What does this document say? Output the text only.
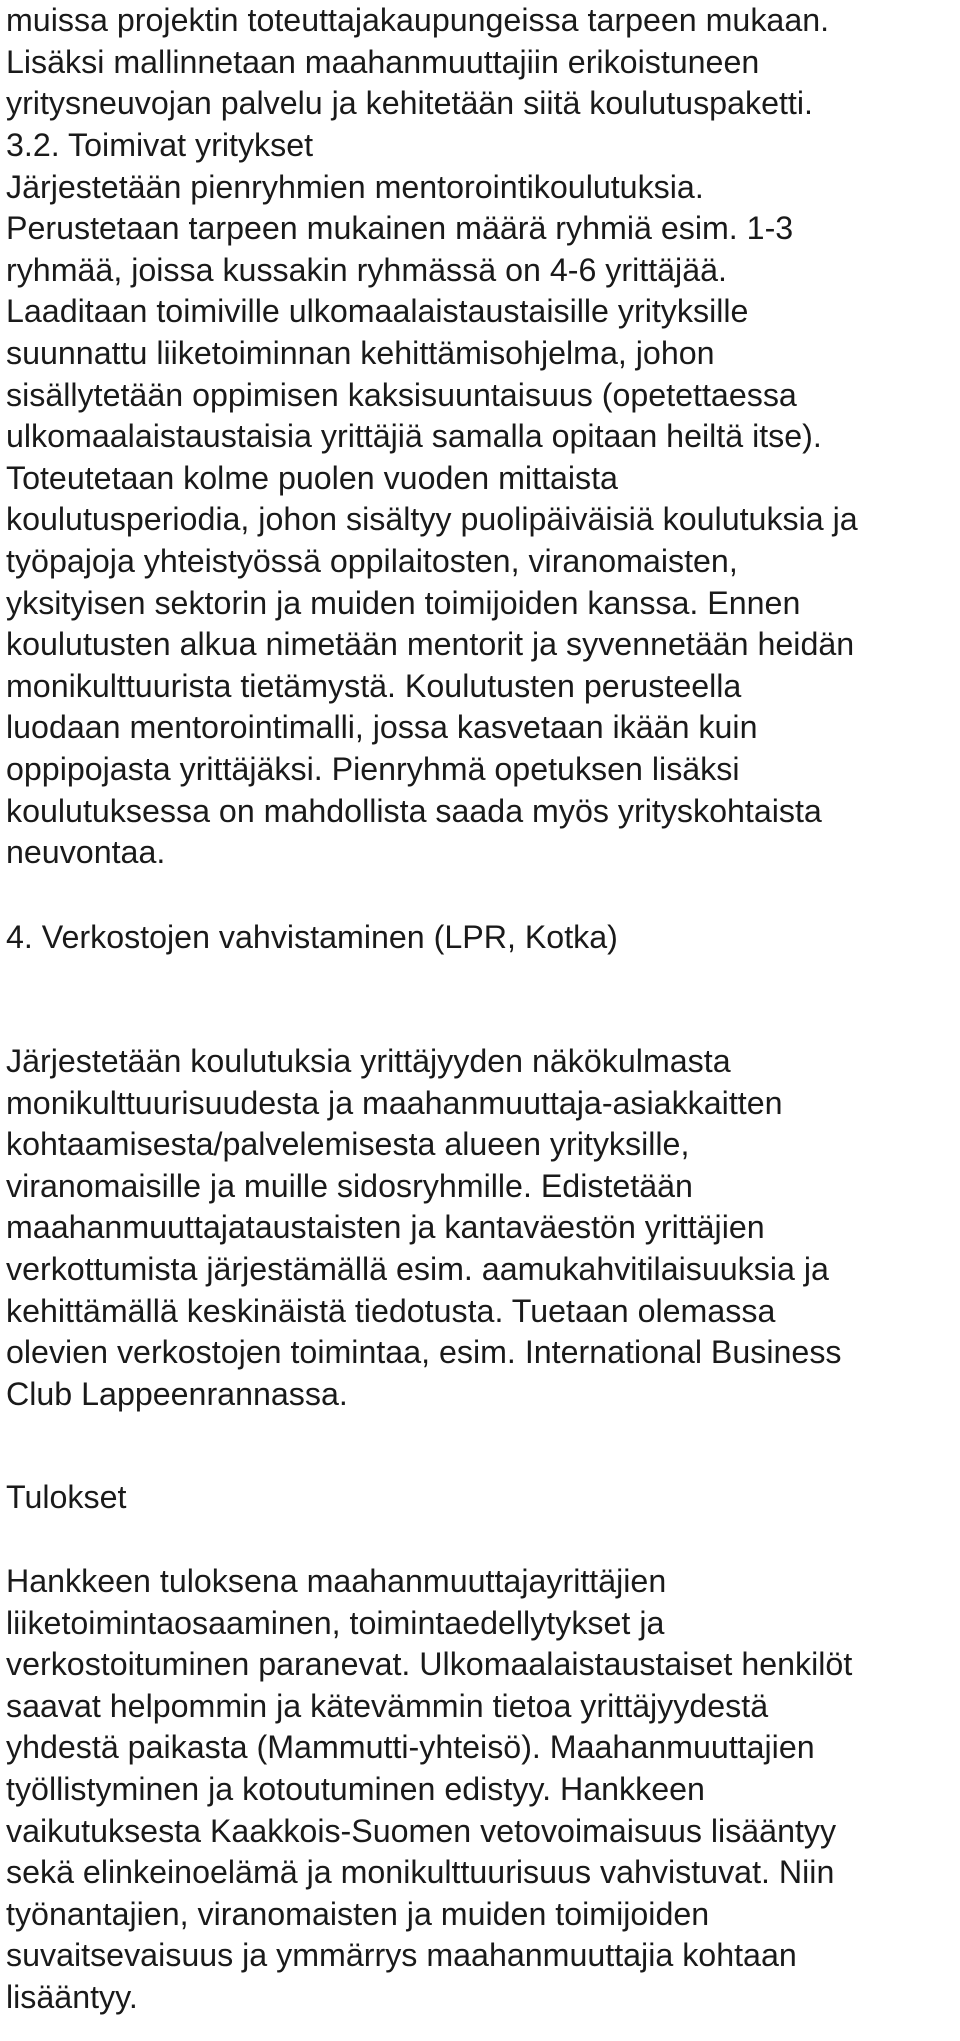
muissa projektin toteuttajakaupungeissa tarpeen mukaan.
Lisäksi mallinnetaan maahanmuuttajiin erikoistuneen
yritysneuvojan palvelu ja kehitetään siitä koulutuspaketti.
3.2. Toimivat yritykset
Järjestetään pienryhmien mentorointikoulutuksia.
Perustetaan tarpeen mukainen määrä ryhmiä esim. 1-3
ryhmää, joissa kussakin ryhmässä on 4-6 yrittäjää.
Laaditaan toimiville ulkomaalaistaustaisille yrityksille
suunnattu liiketoiminnan kehittämisohjelma, johon
sisällytetään oppimisen kaksisuuntaisuus (opetettaessa
ulkomaalaistaustaisia yrittäjiä samalla opitaan heiltä itse).
Toteutetaan kolme puolen vuoden mittaista
koulutusperiodia, johon sisältyy puolipäiväisiä koulutuksia ja
työpajoja yhteistyössä oppilaitosten, viranomaisten,
yksityisen sektorin ja muiden toimijoiden kanssa. Ennen
koulutusten alkua nimetään mentorit ja syvennetään heidän
monikulttuurista tietämystä. Koulutusten perusteella
luodaan mentorointimalli, jossa kasvetaan ikään kuin
oppipojasta yrittäjäksi. Pienryhmä opetuksen lisäksi
koulutuksessa on mahdollista saada myös yrityskohtaista
neuvontaa.
4. Verkostojen vahvistaminen (LPR, Kotka)
Järjestetään koulutuksia yrittäjyyden näkökulmasta
monikulttuurisuudesta ja maahanmuuttaja-asiakkaitten
kohtaamisesta/palvelemisesta alueen yrityksille,
viranomaisille ja muille sidosryhmille. Edistetään
maahanmuuttajataustaisten ja kantaväestön yrittäjien
verkottumista järjestämällä esim. aamukahvitilaisuuksia ja
kehittämällä keskinäistä tiedotusta. Tuetaan olemassa
olevien verkostojen toimintaa, esim. International Business
Club Lappeenrannassa.
Tulokset
Hankkeen tuloksena maahanmuuttajayrittäjien
liiketoimintaosaaminen, toimintaedellytykset ja
verkostoituminen paranevat. Ulkomaalaistaustaiset henkilöt
saavat helpommin ja kätevämmin tietoa yrittäjyydestä
yhdestä paikasta (Mammutti-yhteisö). Maahanmuuttajien
työllistyminen ja kotoutuminen edistyy. Hankkeen
vaikutuksesta Kaakkois-Suomen vetovoimaisuus lisääntyy
sekä elinkeinoelämä ja monikulttuurisuus vahvistuvat. Niin
työnantajien, viranomaisten ja muiden toimijoiden
suvaitsevaisuus ja ymmärrys maahanmuuttajia kohtaan
lisääntyy.
